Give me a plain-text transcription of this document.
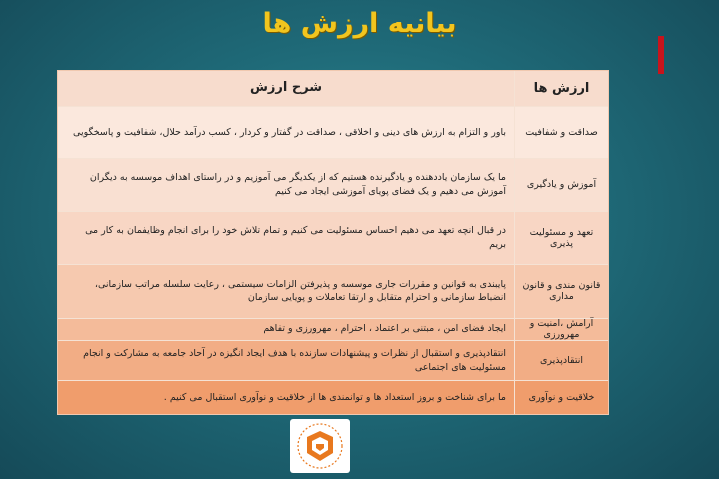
بیانیه ارزش ها
ارزش ها
شرح ارزش
صداقت و شفافیت
باور و التزام به ارزش های دینی و اخلاقی ، صداقت در گفتار و کردار ، کسب درآمد حلال، شفافیت و پاسخگویی
آموزش و یادگیری
ما یک سازمان یاددهنده و یادگیرنده هستیم که از یکدیگر می آموزیم و در راستای اهداف موسسه به دیگران آموزش می دهیم و یک فضای پویای آموزشی ایجاد می کنیم
تعهد و مسئولیت پذیری
در قبال انچه تعهد می دهیم احساس مسئولیت می کنیم و تمام تلاش خود را برای انجام وظایفمان به کار می بریم
قانون مندی و قانون مداری
پایبندی به قوانین و مقررات جاری موسسه و پذیرفتن الزامات سیستمی ، رعایت سلسله مراتب سازمانی، انضباط سازمانی و احترام متقابل و ارتقا تعاملات و پویایی سازمان
آرامش ،امنیت و مهرورزی
ایجاد فضای امن ، مبتنی بر اعتماد ، احترام ، مهرورزی و تفاهم
انتقادپذیری
انتقادپذیری و استقبال از نظرات و پیشنهادات سازنده با هدف ایجاد انگیزه در آحاد جامعه به مشارکت و انجام مسئولیت های اجتماعی
خلاقیت و نوآوری
ما برای شناخت و بروز استعداد ها و توانمندی ها از خلاقیت و نوآوری استقبال می کنیم .
